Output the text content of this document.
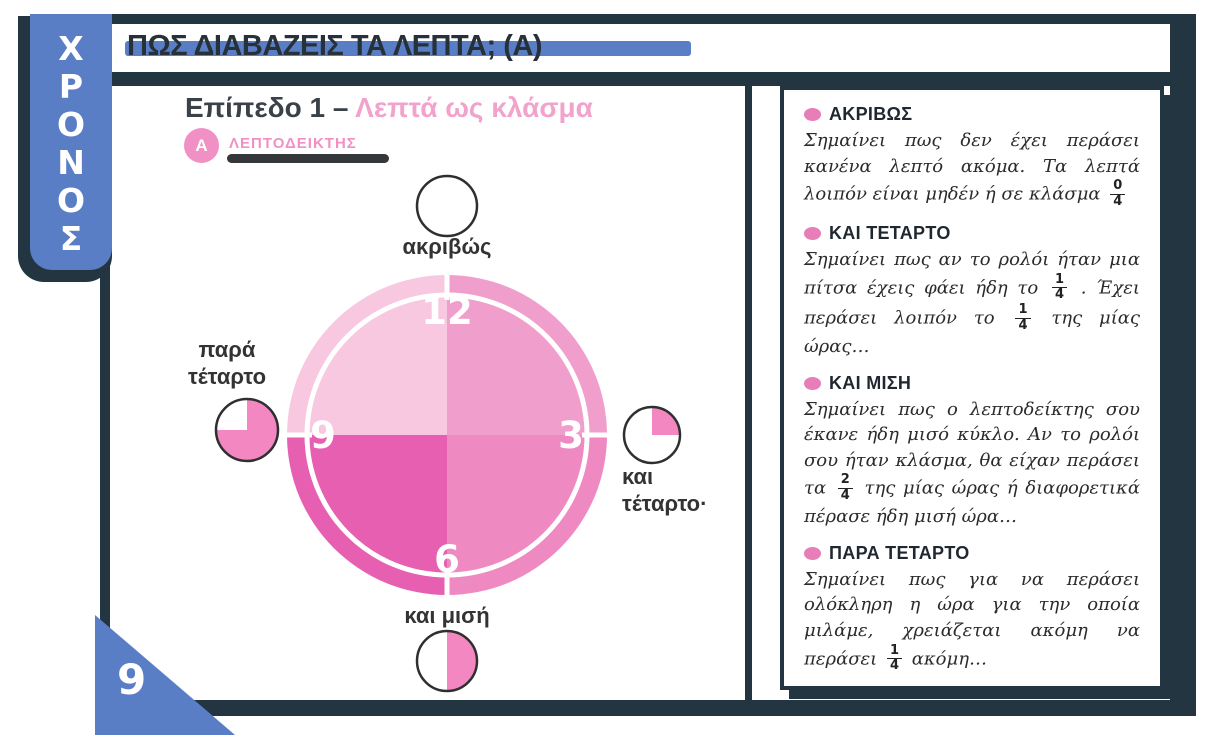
ΠΩΣ ΔΙΑΒΑΖΕΙΣ ΤΑ ΛΕΠΤΑ; (Α)
Επίπεδο 1 – Λεπτά ως κλάσμα
Α ΛΕΠΤΟΔΕΙΚΤΗΣ
12
3
6
9
ακριβώς
παρά
τέταρτο
και
τέταρτο·
και μισή
ΑΚΡΙΒΩΣ
Σημαίνει πως δεν έχει περάσει κανένα λεπτό ακόμα. Τα λεπτά λοιπόν είναι μηδέν ή σε κλάσμα $\frac{0}{4}$
ΚΑΙ ΤΕΤΑΡΤΟ
Σημαίνει πως αν το ρολόι ήταν μια πίτσα έχεις φάει ήδη το $\frac{1}{4}$ . Έχει περάσει λοιπόν το $\frac{1}{4}$ της μίας ώρας…
ΚΑΙ ΜΙΣΗ
Σημαίνει πως ο λεπτοδείκτης σου έκανε ήδη μισό κύκλο. Αν το ρολόι σου ήταν κλάσμα, θα είχαν περάσει τα $\frac{2}{4}$ της μίας ώρας ή διαφορετικά πέρασε ήδη μισή ώρα…
ΠΑΡΑ ΤΕΤΑΡΤΟ
Σημαίνει πως για να περάσει ολόκληρη η ώρα για την οποία μιλάμε, χρειάζεται ακόμη να περάσει $\frac{1}{4}$ ακόμη…
Χ
Ρ
Ο
Ν
Ο
Σ
9
